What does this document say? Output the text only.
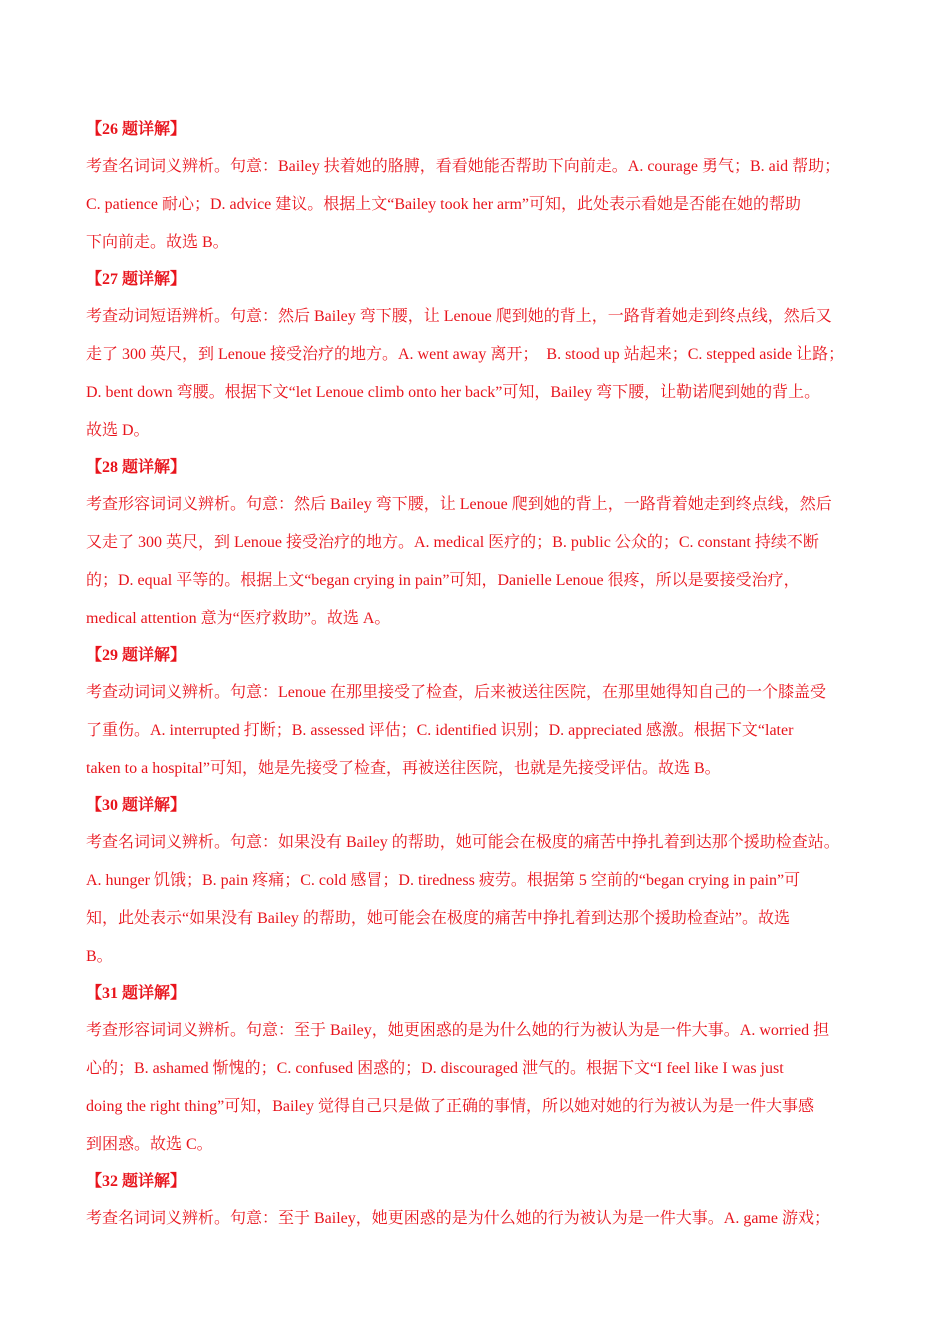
【26 题详解】
考查名词词义辨析。句意：Bailey 扶着她的胳膊，看看她能否帮助下向前走。A. courage 勇气；B. aid 帮助；
C. patience 耐心；D. advice 建议。根据上文“Bailey took her arm”可知，此处表示看她是否能在她的帮助
下向前走。故选 B。
【27 题详解】
考查动词短语辨析。句意：然后 Bailey 弯下腰，让 Lenoue 爬到她的背上，一路背着她走到终点线，然后又
走了 300 英尺，到 Lenoue 接受治疗的地方。A. went away 离开；　B. stood up 站起来；C. stepped aside 让路；
D. bent down 弯腰。根据下文“let Lenoue climb onto her back”可知，Bailey 弯下腰，让勒诺爬到她的背上。
故选 D。
【28 题详解】
考查形容词词义辨析。句意：然后 Bailey 弯下腰，让 Lenoue 爬到她的背上，一路背着她走到终点线，然后
又走了 300 英尺，到 Lenoue 接受治疗的地方。A. medical 医疗的；B. public 公众的；C. constant 持续不断
的；D. equal 平等的。根据上文“began crying in pain”可知，Danielle Lenoue 很疼，所以是要接受治疗，
medical attention 意为“医疗救助”。故选 A。
【29 题详解】
考查动词词义辨析。句意：Lenoue 在那里接受了检查，后来被送往医院，在那里她得知自己的一个膝盖受
了重伤。A. interrupted 打断；B. assessed 评估；C. identified 识别；D. appreciated 感激。根据下文“later
taken to a hospital”可知，她是先接受了检查，再被送往医院，也就是先接受评估。故选 B。
【30 题详解】
考查名词词义辨析。句意：如果没有 Bailey 的帮助，她可能会在极度的痛苦中挣扎着到达那个援助检查站。
A. hunger 饥饿；B. pain 疼痛；C. cold 感冒；D. tiredness 疲劳。根据第 5 空前的“began crying in pain”可
知，此处表示“如果没有 Bailey 的帮助，她可能会在极度的痛苦中挣扎着到达那个援助检查站”。故选
B。
【31 题详解】
考查形容词词义辨析。句意：至于 Bailey，她更困惑的是为什么她的行为被认为是一件大事。A. worried 担
心的；B. ashamed 惭愧的；C. confused 困惑的；D. discouraged 泄气的。根据下文“I feel like I was just
doing the right thing”可知，Bailey 觉得自己只是做了正确的事情，所以她对她的行为被认为是一件大事感
到困惑。故选 C。
【32 题详解】
考查名词词义辨析。句意：至于 Bailey，她更困惑的是为什么她的行为被认为是一件大事。A. game 游戏；
